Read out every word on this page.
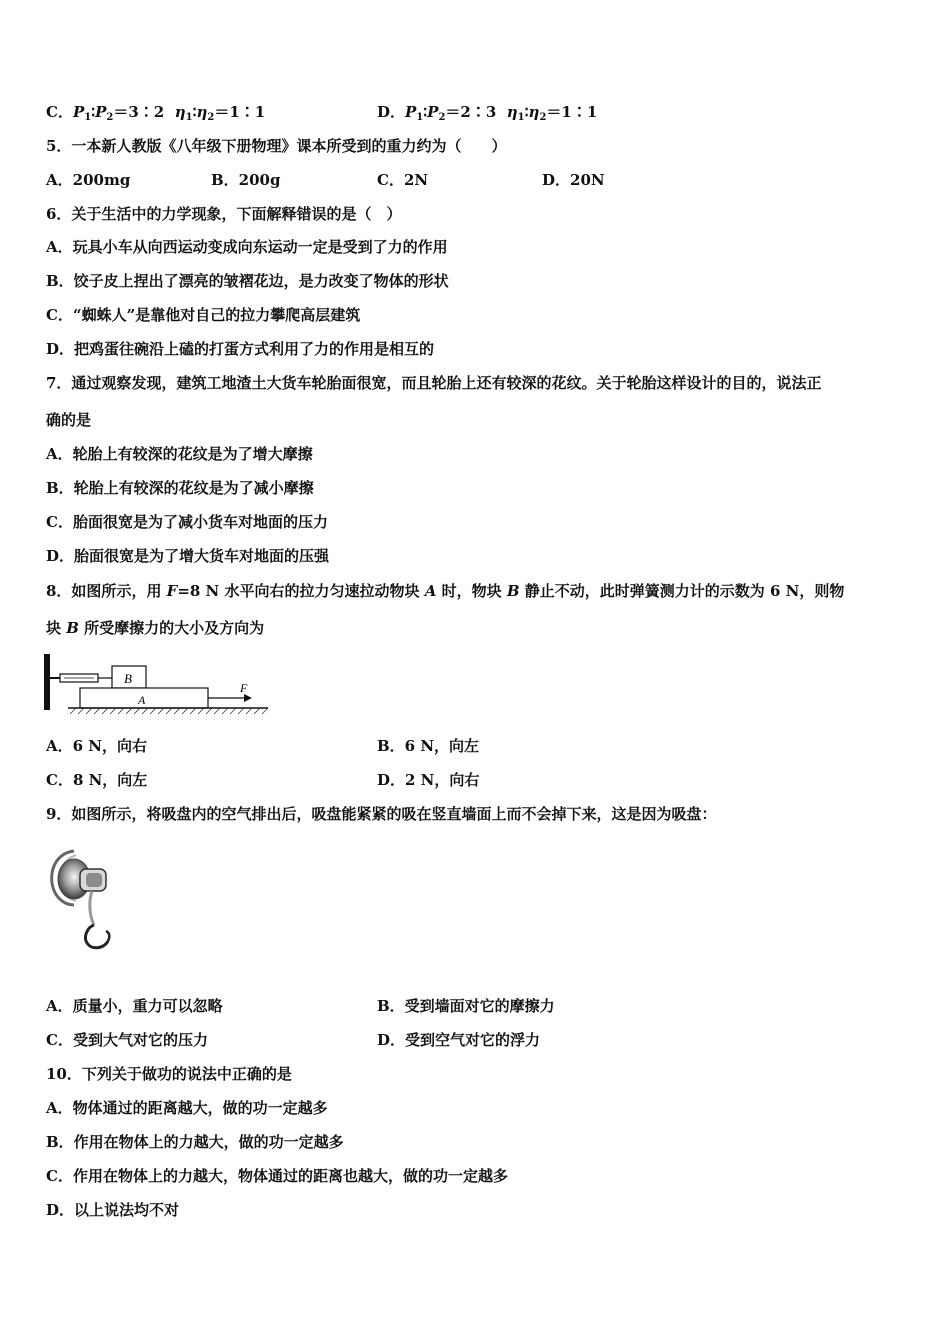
C．$P_1∶P_2=3∶2$ $\eta_1∶\eta_2=1∶1$	D．$P_1∶P_2=2∶3$ $\eta_1∶\eta_2=1∶1$
5．一本新人教版《八年级下册物理》课本所受到的重力约为（　　）
A．200mg	B．200g	C．2N	D．20N
6．关于生活中的力学现象，下面解释错误的是（　）
A．玩具小车从向西运动变成向东运动一定是受到了力的作用
B．饺子皮上捏出了漂亮的皱褶花边，是力改变了物体的形状
C．“蜘蛛人”是靠他对自己的拉力攀爬高层建筑
D．把鸡蛋往碗沿上磕的打蛋方式利用了力的作用是相互的
7．通过观察发现，建筑工地渣土大货车轮胎面很宽，而且轮胎上还有较深的花纹。关于轮胎这样设计的目的，说法正
确的是
A．轮胎上有较深的花纹是为了增大摩擦
B．轮胎上有较深的花纹是为了减小摩擦
C．胎面很宽是为了减小货车对地面的压力
D．胎面很宽是为了增大货车对地面的压强
8．如图所示，用 F=8 N 水平向右的拉力匀速拉动物块 A 时，物块 B 静止不动，此时弹簧测力计的示数为 6 N，则物
块 B 所受摩擦力的大小及方向为
B
A
F
A．6 N，向右	B．6 N，向左
C．8 N，向左	D．2 N，向右
9．如图所示，将吸盘内的空气排出后，吸盘能紧紧的吸在竖直墙面上而不会掉下来，这是因为吸盘：
A．质量小，重力可以忽略	B．受到墙面对它的摩擦力
C．受到大气对它的压力	D．受到空气对它的浮力
10．下列关于做功的说法中正确的是
A．物体通过的距离越大，做的功一定越多
B．作用在物体上的力越大，做的功一定越多
C．作用在物体上的力越大，物体通过的距离也越大，做的功一定越多
D．以上说法均不对
